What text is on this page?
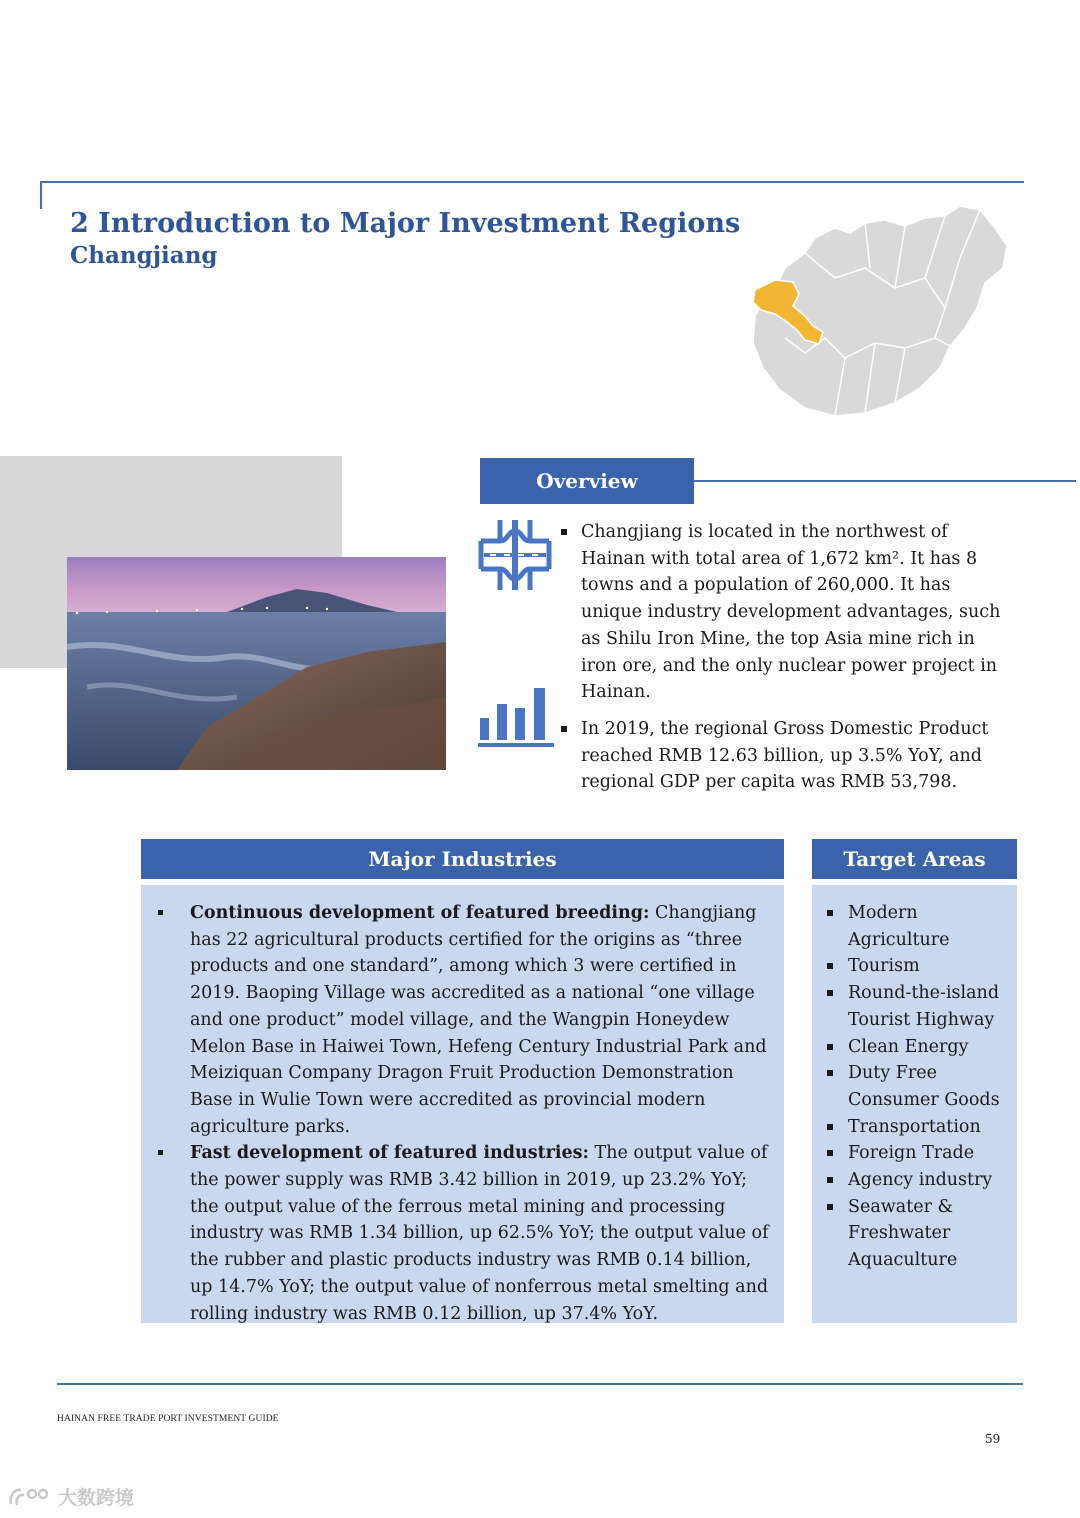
2 Introduction to Major Investment Regions
Changjiang
Overview
Changjiang is located in the northwest of Hainan with total area of 1,672 km². It has 8 towns and a population of 260,000. It has unique industry development advantages, such as Shilu Iron Mine, the top Asia mine rich in iron ore, and the only nuclear power project in Hainan.
In 2019, the regional Gross Domestic Product reached RMB 12.63 billion, up 3.5% YoY, and regional GDP per capita was RMB 53,798.
Major Industries
Continuous development of featured breeding: Changjiang has 22 agricultural products certified for the origins as “three products and one standard”, among which 3 were certified in 2019. Baoping Village was accredited as a national “one village and one product” model village, and the Wangpin Honeydew Melon Base in Haiwei Town, Hefeng Century Industrial Park and Meiziquan Company Dragon Fruit Production Demonstration Base in Wulie Town were accredited as provincial modern agriculture parks.
Fast development of featured industries: The output value of the power supply was RMB 3.42 billion in 2019, up 23.2% YoY; the output value of the ferrous metal mining and processing industry was RMB 1.34 billion, up 62.5% YoY; the output value of the rubber and plastic products industry was RMB 0.14 billion, up 14.7% YoY; the output value of nonferrous metal smelting and rolling industry was RMB 0.12 billion, up 37.4% YoY.
Target Areas
Modern Agriculture
Tourism
Round-the-island Tourist Highway
Clean Energy
Duty Free Consumer Goods
Transportation
Foreign Trade
Agency industry
Seawater & Freshwater Aquaculture
HAINAN FREE TRADE PORT INVESTMENT GUIDE
59
大数跨境
